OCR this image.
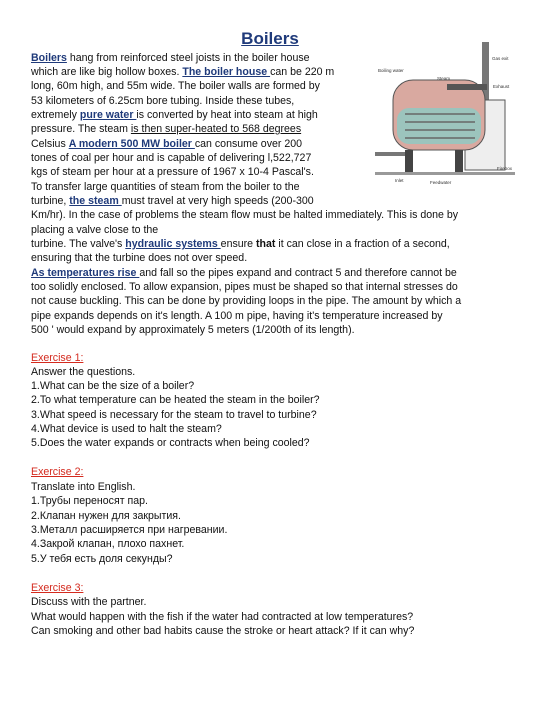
Boilers
Boilers hang from reinforced steel joists in the boiler house
which are like big hollow boxes. The boiler house can be 220 m
long, 60m high, and 55m wide. The boiler walls are formed by
53 kilometers of 6.25cm bore tubing. Inside these tubes,
extremely pure water is converted by heat into steam at high
pressure. The steam is then super-heated to 568 degrees
Celsius A modern 500 MW boiler can consume over 200
tones of coal per hour and is capable of delivering l,522,727
kgs of steam per hour at a pressure of 1967 x 10-4 Pascal's.
To transfer large quantities of steam from the boiler to the
turbine, the steam must travel at very high speeds (200-300
Km/hr). In the case of problems the steam flow must be halted immediately. This is done by
placing a valve close to the
turbine. The valve's hydraulic systems ensure that it can close in a fraction of a second,
ensuring that the turbine does not over speed.
As temperatures rise and fall so the pipes expand and contract 5 and therefore cannot be
too solidly enclosed. To allow expansion, pipes must be shaped so that internal stresses do
not cause buckling. This can be done by providing loops in the pipe. The amount by which a
pipe expands depends on it's length. A 100 m pipe, having it's temperature increased by
500 ' would expand by approximately 5 meters (1/200th of its length).
Exercise 1:
Answer the questions.
1.What can be the size of a boiler?
2.To what temperature can be heated the steam in the boiler?
3.What speed is necessary for the steam to travel to turbine?
4.What device is used to halt the steam?
5.Does the water expands or contracts when being cooled?
Exercise 2:
Translate into English.
1.Трубы переносят пар.
2.Клапан нужен для закрытия.
3.Металл расширяется при нагревании.
4.Закрой клапан, плохо пахнет.
5.У тебя есть доля секунды?
Exercise 3:
Discuss with the partner.
What would happen with the fish if the water had contracted at low temperatures?
Can smoking and other bad habits cause the stroke or heart attack? If it can why?
Gas exit
Steam
Exhaust
Boiling water
Inlet	Feedwater
Firebox
